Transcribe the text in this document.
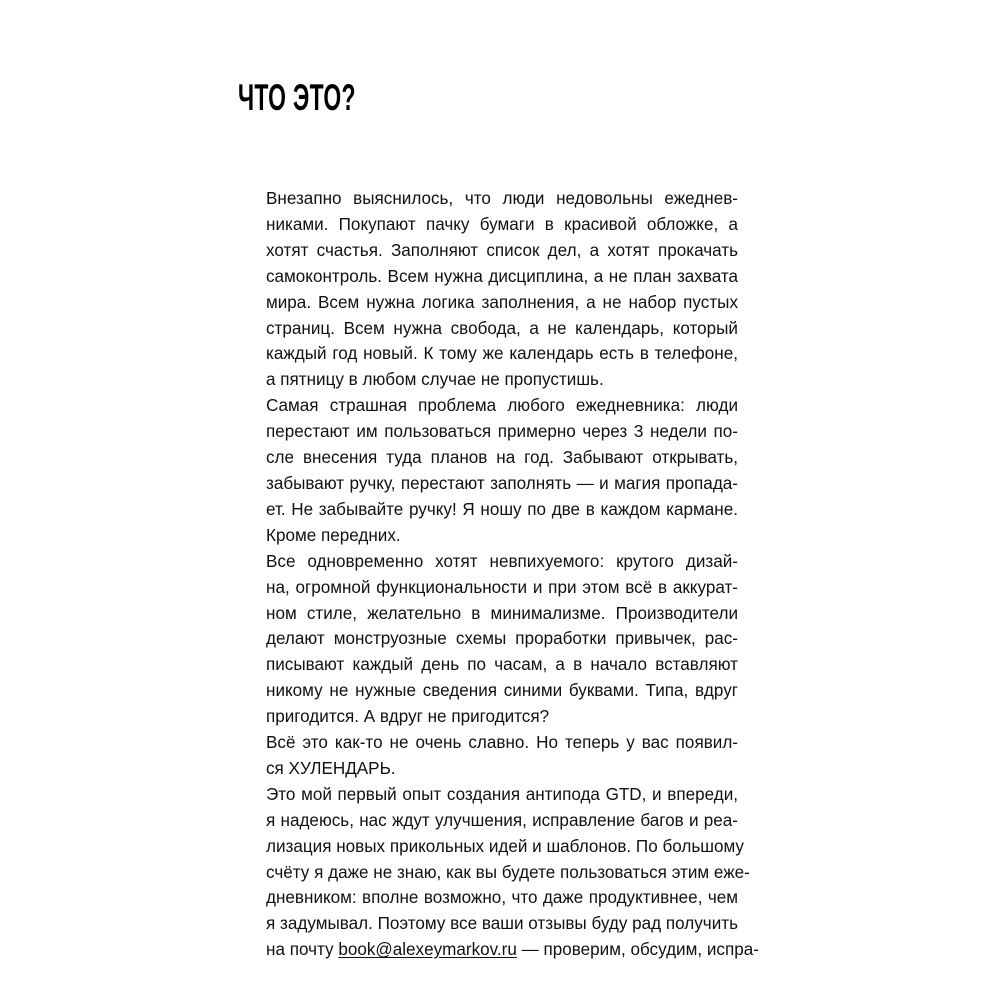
ЧТО ЭТО?

Внезапно выяснилось, что люди недовольны ежеднев-
никами. Покупают пачку бумаги в красивой обложке, а
хотят счастья. Заполняют список дел, а хотят прокачать
самоконтроль. Всем нужна дисциплина, а не план захвата
мира. Всем нужна логика заполнения, а не набор пустых
страниц. Всем нужна свобода, а не календарь, который
каждый год новый. К тому же календарь есть в телефоне,
а пятницу в любом случае не пропустишь.

Самая страшная проблема любого ежедневника: люди
перестают им пользоваться примерно через 3 недели по-
сле внесения туда планов на год. Забывают открывать,
забывают ручку, перестают заполнять — и магия пропада-
ет. Не забывайте ручку! Я ношу по две в каждом кармане.
Кроме передних.

Все одновременно хотят невпихуемого: крутого дизай-
на, огромной функциональности и при этом всё в аккурат-
ном стиле, желательно в минимализме. Производители
делают монструозные схемы проработки привычек, рас-
писывают каждый день по часам, а в начало вставляют
никому не нужные сведения синими буквами. Типа, вдруг
пригодится. А вдруг не пригодится?

Всё это как-то не очень славно. Но теперь у вас появил-
ся ХУЛЕНДАРЬ.

Это мой первый опыт создания антипода GTD, и впереди,
я надеюсь, нас ждут улучшения, исправление багов и реа-
лизация новых прикольных идей и шаблонов. По большому
счёту я даже не знаю, как вы будете пользоваться этим еже-
дневником: вполне возможно, что даже продуктивнее, чем
я задумывал. Поэтому все ваши отзывы буду рад получить
на почту book@alexeymarkov.ru — проверим, обсудим, испра-
